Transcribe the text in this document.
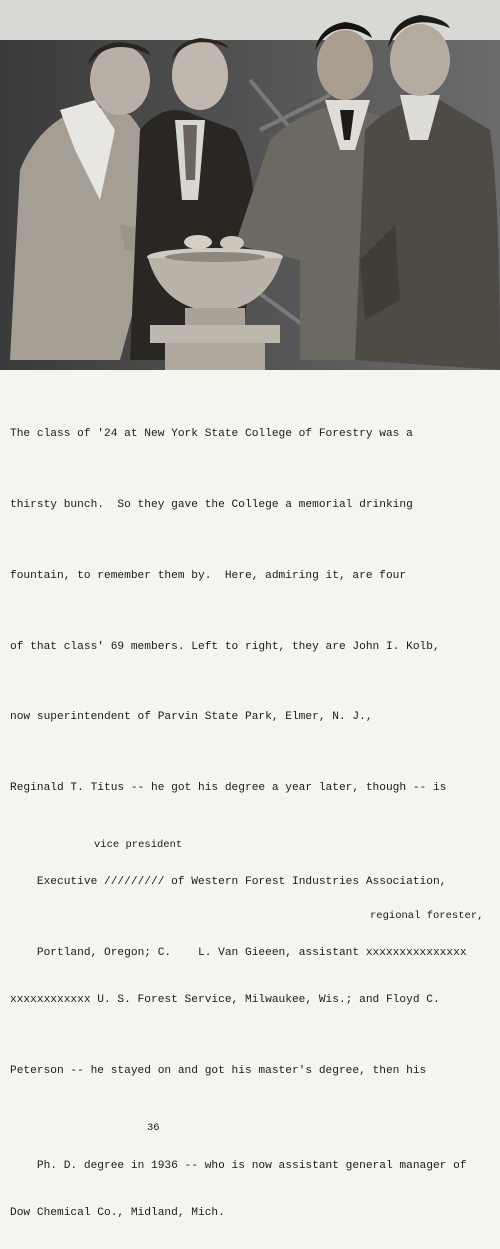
The class of '24 at New York State College of Forestry was a

thirsty bunch.  So they gave the College a memorial drinking

fountain, to remember them by.  Here, admiring it, are four

of that class' 69 members. Left to right, they are John I. Kolb,

now superintendent of Parvin State Park, Elmer, N. J.,

Reginald T. Titus -- he got his degree a year later, though -- is

Executive ///////// of Western Forest Industries Association,

vice president

Portland, Oregon; C.    L. Van Gieeen, assistant xxxxxxxxxxxxxxx

regional forester,

xxxxxxxxxxxx U. S. Forest Service, Milwaukee, Wis.; and Floyd C.

Peterson -- he stayed on and got his master's degree, then his

Ph. D. degree in 1936 -- who is now assistant general manager of

36

Dow Chemical Co., Midland, Mich.
